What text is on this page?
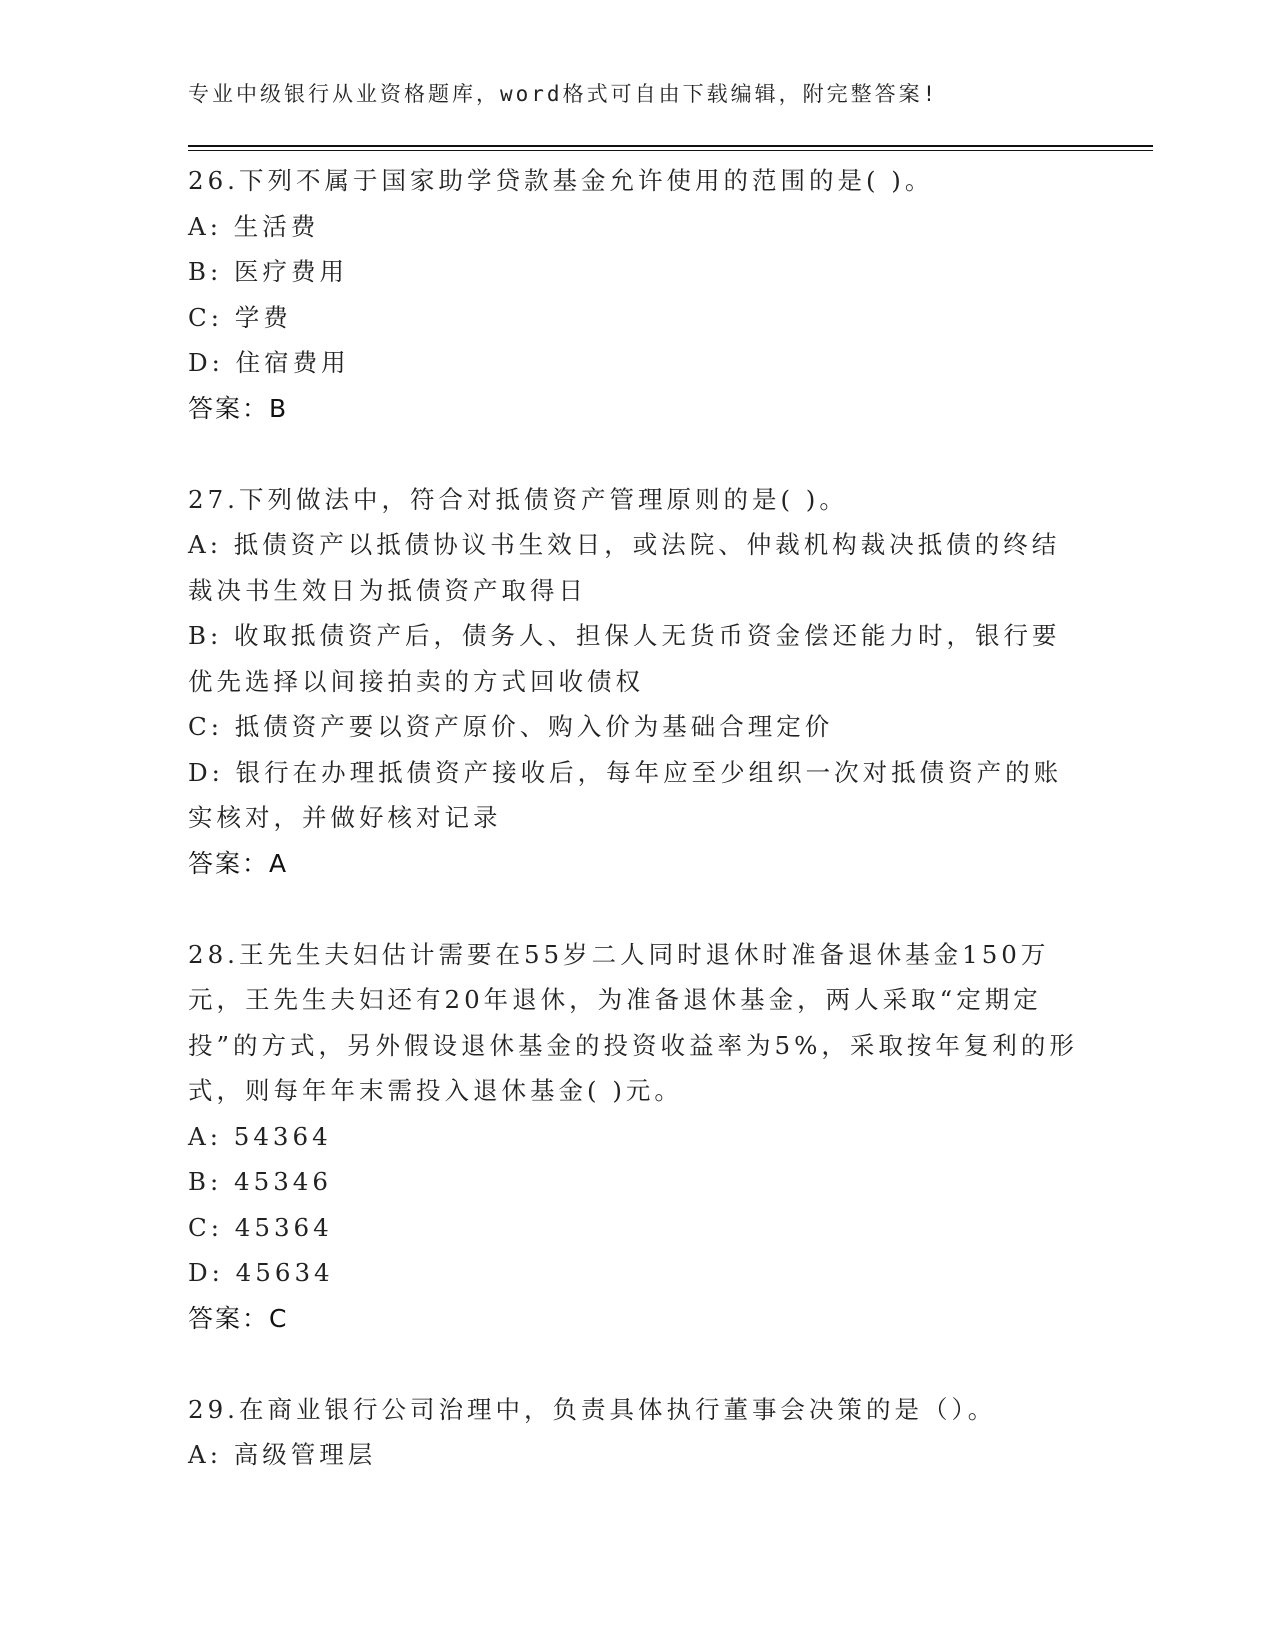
专业中级银行从业资格题库，word格式可自由下载编辑，附完整答案!
26.下列不属于国家助学贷款基金允许使用的范围的是( )。
A: 生活费
B: 医疗费用
C: 学费
D: 住宿费用
答案：B
27.下列做法中，符合对抵债资产管理原则的是( )。
A: 抵债资产以抵债协议书生效日，或法院、仲裁机构裁决抵债的终结裁决书生效日为抵债资产取得日
B: 收取抵债资产后，债务人、担保人无货币资金偿还能力时，银行要优先选择以间接拍卖的方式回收债权
C: 抵债资产要以资产原价、购入价为基础合理定价
D: 银行在办理抵债资产接收后，每年应至少组织一次对抵债资产的账实核对，并做好核对记录
答案：A
28.王先生夫妇估计需要在55岁二人同时退休时准备退休基金150万元，王先生夫妇还有20年退休，为准备退休基金，两人采取“定期定投”的方式，另外假设退休基金的投资收益率为5%，采取按年复利的形式，则每年年末需投入退休基金( )元。
A: 54364
B: 45346
C: 45364
D: 45634
答案：C
29.在商业银行公司治理中，负责具体执行董事会决策的是（）。
A: 高级管理层
